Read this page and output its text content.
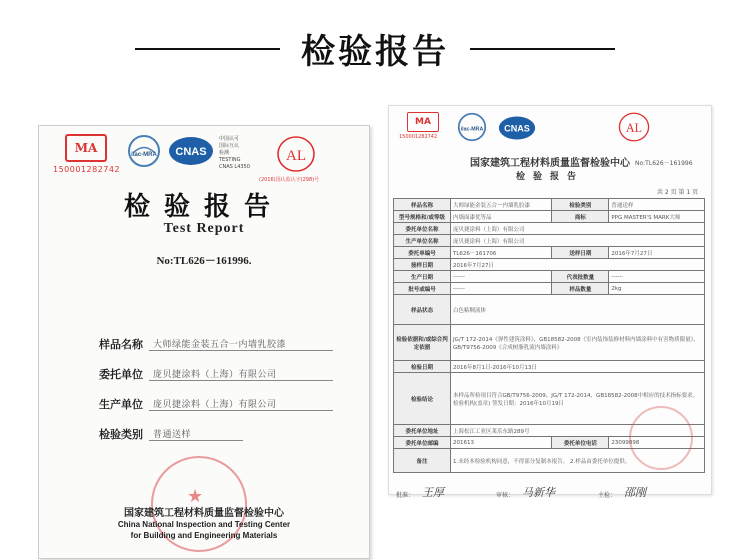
检验报告
MA
150001282742
ilac-MRA CNAS
中国认可
国际互认
检测
TESTING
CNAS L4350
AL
(2016)国认监认字(298)号
检验报告
Test Report
No:TL626－161996.
样品名称	大师绿能金装五合一内墙乳胶漆
委托单位	庞贝捷涂料（上海）有限公司
生产单位	庞贝捷涂料（上海）有限公司
检验类别	普通送样
★
国家建筑工程材料质量监督检验中心
China National Inspection and Testing Center
for Building and Engineering Materials
MA
150001282742
ilac-MRA CNAS	AL
国家建筑工程材料质量监督检验中心 No:TL626－161996
检验报告
共 2 页 第 1 页
样品名称	大师绿能金装五合一内墙乳胶漆	检验类别	普通送样
型号规格和/或等级	内墙面漆优等品	商标	PPG MASTER'S MARK大师
委托单位名称	庞贝捷涂料（上海）有限公司		
生产单位名称	庞贝捷涂料（上海）有限公司		
委托单编号	TL626－161706	送样日期	2016年7月27日
接样日期	2016年7月27日		
生产日期	------	代表批数量	------
批号或编号	------	样品数量	2kg
样品状态	白色粘稠液体		
检验依据和/或综合判定依据	JG/T 172-2014《弹性建筑涂料》、GB18582-2008《室内装饰装修材料内墙涂料中有害物质限量》、GB/T9756-2009《合成树脂乳液内墙涂料》		
检验日期	2016年8月1日-2016年10月13日		
检验结论	本样品所检项目符合GB/T9756-2009、JG/T 172-2014、GB18582-2008中相应的技术指标要求。检验机构(盖章) 签发日期：2016年10月19日		
委托单位地址	上海松江工业区莱乐东路289号		
委托单位邮编	201613	委托单位电话	23099898
备注	1.未经本检验机构同意，不得部分复制本报告。 2.样品由委托单位提供。		
批准： 王厚	审核： 马新华	主检： 邵刚
